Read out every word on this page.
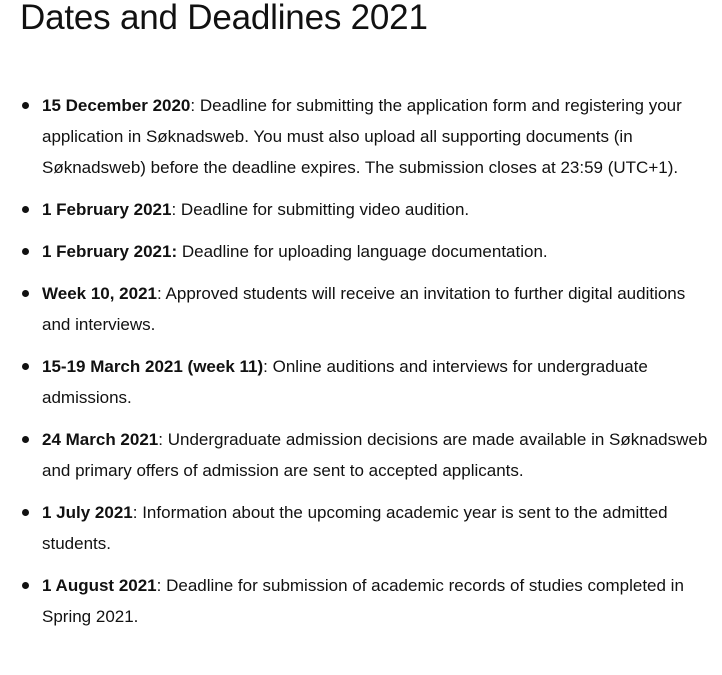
Dates and Deadlines 2021
15 December 2020: Deadline for submitting the application form and registering your application in Søknadsweb. You must also upload all supporting documents (in Søknadsweb) before the deadline expires. The submission closes at 23:59 (UTC+1).
1 February 2021: Deadline for submitting video audition.
1 February 2021: Deadline for uploading language documentation.
Week 10, 2021: Approved students will receive an invitation to further digital auditions and interviews.
15-19 March 2021 (week 11): Online auditions and interviews for undergraduate admissions.
24 March 2021: Undergraduate admission decisions are made available in Søknadsweb and primary offers of admission are sent to accepted applicants.
1 July 2021: Information about the upcoming academic year is sent to the admitted students.
1 August 2021: Deadline for submission of academic records of studies completed in Spring 2021.
